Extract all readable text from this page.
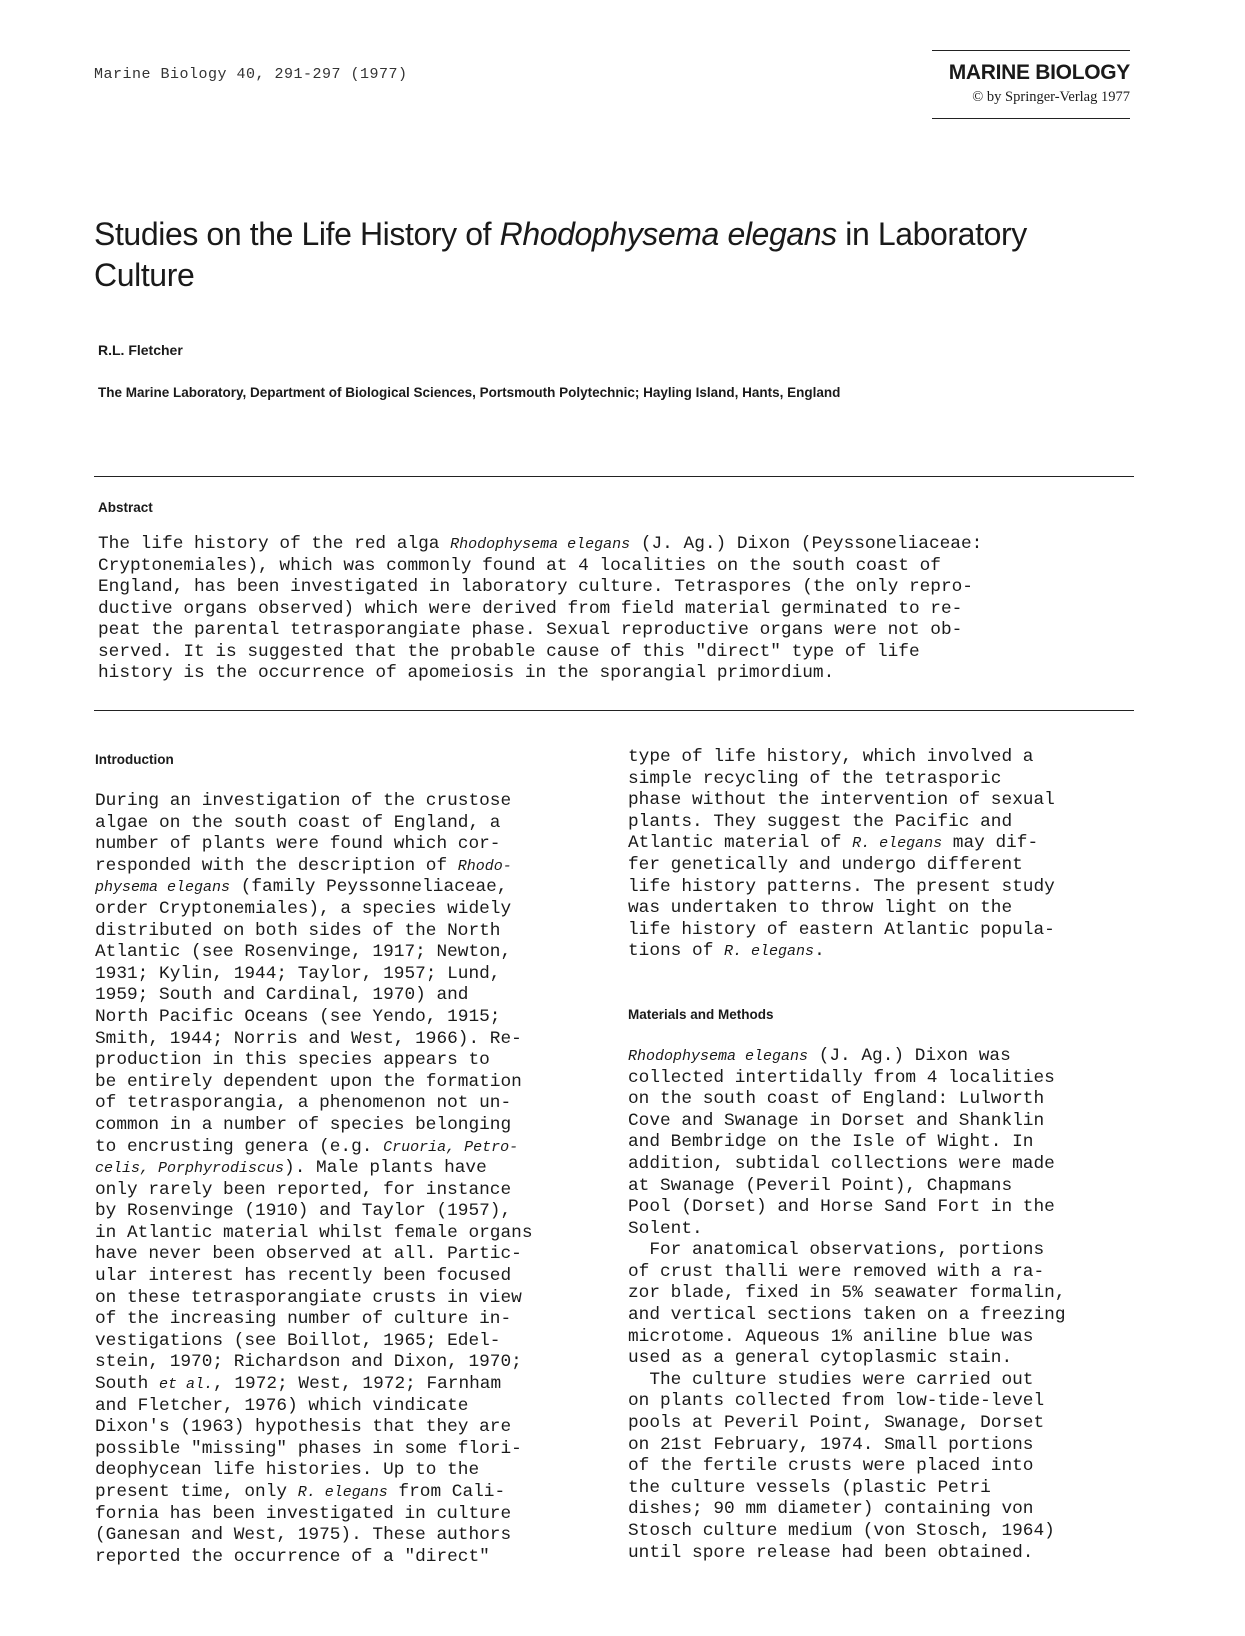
Marine Biology 40, 291-297 (1977)	MARINE BIOLOGY
© by Springer-Verlag 1977
Studies on the Life History of Rhodophysema elegans in Laboratory
Culture
R.L. Fletcher
The Marine Laboratory, Department of Biological Sciences, Portsmouth Polytechnic; Hayling Island, Hants, England
Abstract
The life history of the red alga Rhodophysema elegans (J. Ag.) Dixon (Peyssoneliaceae:
Cryptonemiales), which was commonly found at 4 localities on the south coast of
England, has been investigated in laboratory culture. Tetraspores (the only repro-
ductive organs observed) which were derived from field material germinated to re-
peat the parental tetrasporangiate phase. Sexual reproductive organs were not ob-
served. It is suggested that the probable cause of this "direct" type of life
history is the occurrence of apomeiosis in the sporangial primordium.
Introduction
During an investigation of the crustose
algae on the south coast of England, a
number of plants were found which cor-
responded with the description of Rhodo-
physema elegans (family Peyssonneliaceae,
order Cryptonemiales), a species widely
distributed on both sides of the North
Atlantic (see Rosenvinge, 1917; Newton,
1931; Kylin, 1944; Taylor, 1957; Lund,
1959; South and Cardinal, 1970) and
North Pacific Oceans (see Yendo, 1915;
Smith, 1944; Norris and West, 1966). Re-
production in this species appears to
be entirely dependent upon the formation
of tetrasporangia, a phenomenon not un-
common in a number of species belonging
to encrusting genera (e.g. Cruoria, Petro-
celis, Porphyrodiscus). Male plants have
only rarely been reported, for instance
by Rosenvinge (1910) and Taylor (1957),
in Atlantic material whilst female organs
have never been observed at all. Partic-
ular interest has recently been focused
on these tetrasporangiate crusts in view
of the increasing number of culture in-
vestigations (see Boillot, 1965; Edel-
stein, 1970; Richardson and Dixon, 1970;
South et al., 1972; West, 1972; Farnham
and Fletcher, 1976) which vindicate
Dixon's (1963) hypothesis that they are
possible "missing" phases in some flori-
deophycean life histories. Up to the
present time, only R. elegans from Cali-
fornia has been investigated in culture
(Ganesan and West, 1975). These authors
reported the occurrence of a "direct"
type of life history, which involved a
simple recycling of the tetrasporic
phase without the intervention of sexual
plants. They suggest the Pacific and
Atlantic material of R. elegans may dif-
fer genetically and undergo different
life history patterns. The present study
was undertaken to throw light on the
life history of eastern Atlantic popula-
tions of R. elegans.
Materials and Methods
Rhodophysema elegans (J. Ag.) Dixon was
collected intertidally from 4 localities
on the south coast of England: Lulworth
Cove and Swanage in Dorset and Shanklin
and Bembridge on the Isle of Wight. In
addition, subtidal collections were made
at Swanage (Peveril Point), Chapmans
Pool (Dorset) and Horse Sand Fort in the
Solent.
For anatomical observations, portions
of crust thalli were removed with a ra-
zor blade, fixed in 5% seawater formalin,
and vertical sections taken on a freezing
microtome. Aqueous 1% aniline blue was
used as a general cytoplasmic stain.
The culture studies were carried out
on plants collected from low-tide-level
pools at Peveril Point, Swanage, Dorset
on 21st February, 1974. Small portions
of the fertile crusts were placed into
the culture vessels (plastic Petri
dishes; 90 mm diameter) containing von
Stosch culture medium (von Stosch, 1964)
until spore release had been obtained.
